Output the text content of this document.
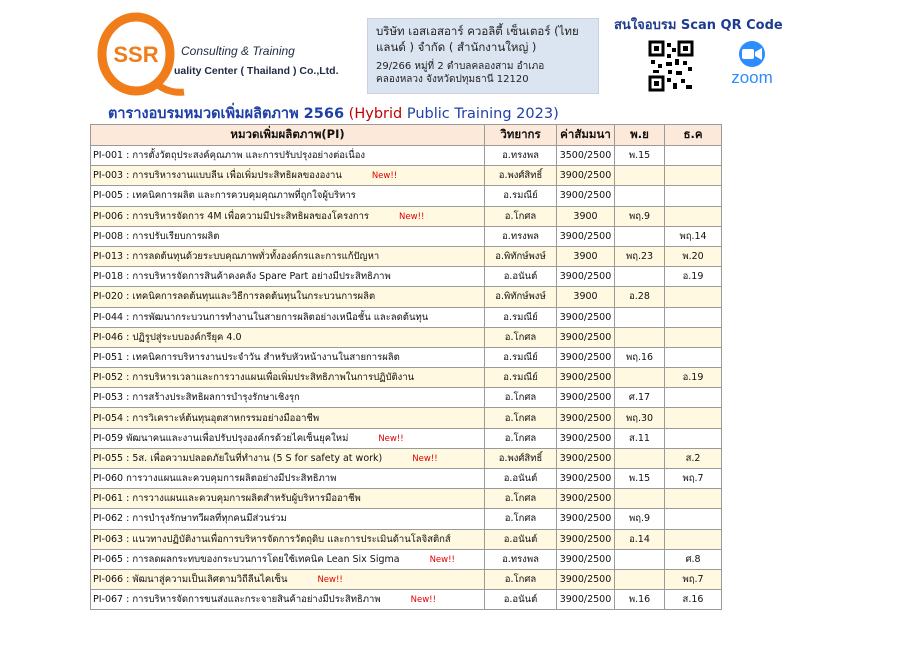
SSR Consulting & Training
uality Center ( Thailand ) Co.,Ltd.
บริษัท เอสเอสอาร์ ควอลิตี้ เซ็นเตอร์ (ไทยแลนด์ ) จำกัด ( สำนักงานใหญ่ )
29/266 หมู่ที่ 2 ตำบลคลองสาม อำเภอคลองหลวง จังหวัดปทุมธานี 12120
สนใจอบรม Scan QR Code
zoom
ตารางอบรมหมวดเพิ่มผลิตภาพ 2566 (Hybrid Public Training 2023)
หมวดเพิ่มผลิตภาพ(PI)	วิทยากร	ค่าสัมมนา	พ.ย	ธ.ค
PI-001 : การตั้งวัตถุประสงค์คุณภาพ และการปรับปรุงอย่างต่อเนื่อง	อ.ทรงพล	3500/2500	พ.15	
PI-003 : การบริหารงานแบบลีน เพื่อเพิ่มประสิทธิผลขององาน New!!	อ.พงศ์สิทธิ์	3900/2500		
PI-005 : เทคนิคการผลิต และการควบคุมคุณภาพที่ถูกใจผู้บริหาร	อ.รมณีย์	3900/2500		
PI-006 : การบริหารจัดการ 4M เพื่อความมีประสิทธิผลของโครงการ New!!	อ.โกศล	3900	พฤ.9	
PI-008 : การปรับเรียบการผลิต	อ.ทรงพล	3900/2500		พฤ.14
PI-013 : การลดต้นทุนด้วยระบบคุณภาพทั่วทั้งองค์กรและการแก้ปัญหา	อ.พิทักษ์พงษ์	3900	พฤ.23	พ.20
PI-018 : การบริหารจัดการสินค้าคงคลัง Spare Part อย่างมีประสิทธิภาพ	อ.อนันต์	3900/2500		อ.19
PI-020 : เทคนิคการลดต้นทุนและวิธีการลดต้นทุนในกระบวนการผลิต	อ.พิทักษ์พงษ์	3900	อ.28	
PI-044 : การพัฒนากระบวนการทำงานในสายการผลิตอย่างเหนือชั้น และลดต้นทุน	อ.รมณีย์	3900/2500		
PI-046 : ปฏิรูปสู่ระบบองค์กรียุค 4.0	อ.โกศล	3900/2500		
PI-051 : เทคนิคการบริหารงานประจำวัน สำหรับหัวหน้างานในสายการผลิต	อ.รมณีย์	3900/2500	พฤ.16	
PI-052 : การบริหารเวลาและการวางแผนเพื่อเพิ่มประสิทธิภาพในการปฏิบัติงาน	อ.รมณีย์	3900/2500		อ.19
PI-053 : การสร้างประสิทธิผลการบำรุงรักษาเชิงรุก	อ.โกศล	3900/2500	ศ.17	
PI-054 : การวิเคราะห์ต้นทุนอุตสาหกรรมอย่างมืออาชีพ	อ.โกศล	3900/2500	พฤ.30	
PI-059 พัฒนาคนและงานเพื่อปรับปรุงองค์กรด้วยไคเซ็นยุคใหม่ New!!	อ.โกศล	3900/2500	ส.11	
PI-055 : 5ส. เพื่อความปลอดภัยในที่ทำงาน (5 S for safety at work) New!!	อ.พงศ์สิทธิ์	3900/2500		ส.2
PI-060 การวางแผนและควบคุมการผลิตอย่างมีประสิทธิภาพ	อ.อนันต์	3900/2500	พ.15	พฤ.7
PI-061 : การวางแผนและควบคุมการผลิตสำหรับผู้บริหารมืออาชีพ	อ.โกศล	3900/2500		
PI-062 : การบำรุงรักษาทวีผลที่ทุกคนมีส่วนร่วม	อ.โกศล	3900/2500	พฤ.9	
PI-063 : แนวทางปฏิบัติงานเพื่อการบริหารจัดการวัตถุดิบ และการประเมินด้านโลจิสติกส์	อ.อนันต์	3900/2500	อ.14	
PI-065 : การลดผลกระทบของกระบวนการโดยใช้เทคนิค Lean Six Sigma New!!	อ.ทรงพล	3900/2500		ศ.8
PI-066 : พัฒนาสู่ความเป็นเลิศตามวิถีลีนไคเซ็น New!!	อ.โกศล	3900/2500		พฤ.7
PI-067 : การบริหารจัดการขนส่งและกระจายสินค้าอย่างมีประสิทธิภาพ New!!	อ.อนันต์	3900/2500	พ.16	ส.16
